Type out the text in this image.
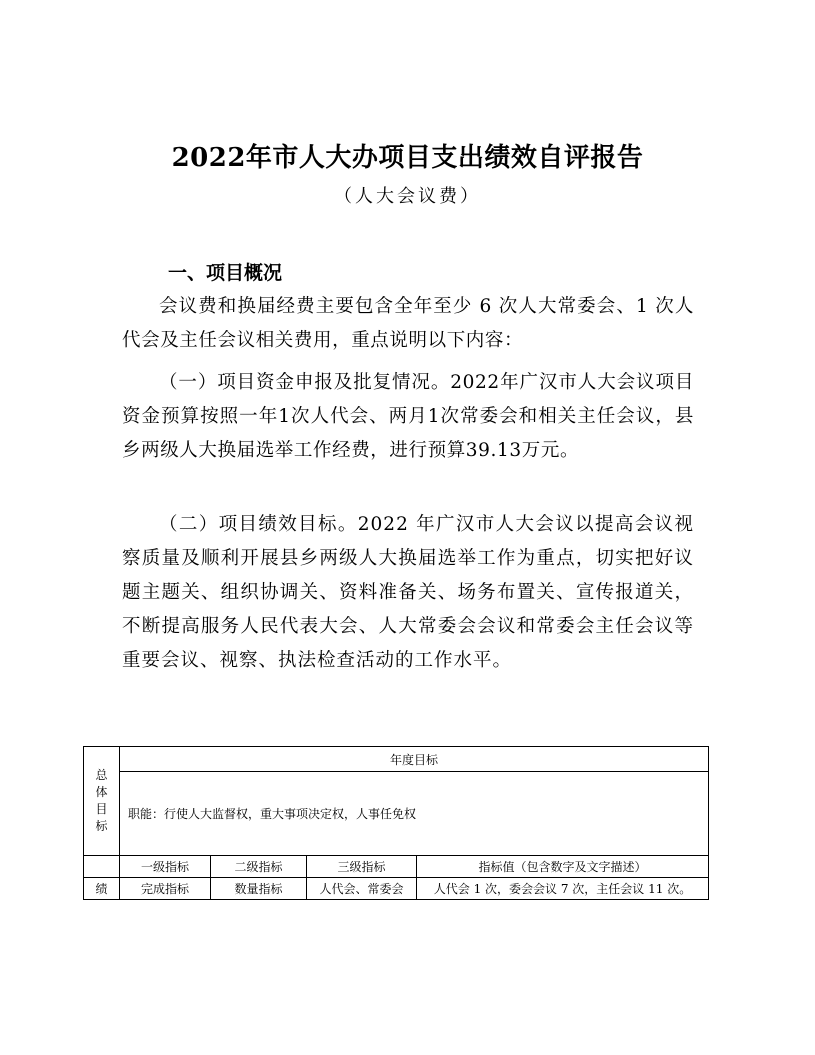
2022年市人大办项目支出绩效自评报告
（人大会议费）
一、项目概况

会议费和换届经费主要包含全年至少 6 次人大常委会、1 次人代会及主任会议相关费用，重点说明以下内容：

（一）项目资金申报及批复情况。2022年广汉市人大会议项目资金预算按照一年1次人代会、两月1次常委会和相关主任会议，县乡两级人大换届选举工作经费，进行预算39.13万元。

（二）项目绩效目标。2022 年广汉市人大会议以提高会议视察质量及顺利开展县乡两级人大换届选举工作为重点，切实把好议题主题关、组织协调关、资料准备关、场务布置关、宣传报道关，不断提高服务人民代表大会、人大常委会会议和常委会主任会议等重要会议、视察、执法检查活动的工作水平。

总
体
目
标	年度目标			
	职能：行使人大监督权，重大事项决定权，人事任免权			
	一级指标	二级指标	三级指标	指标值（包含数字及文字描述）
绩	完成指标	数量指标	人代会、常委会	人代会 1 次，委会会议 7 次，主任会议 11 次。
